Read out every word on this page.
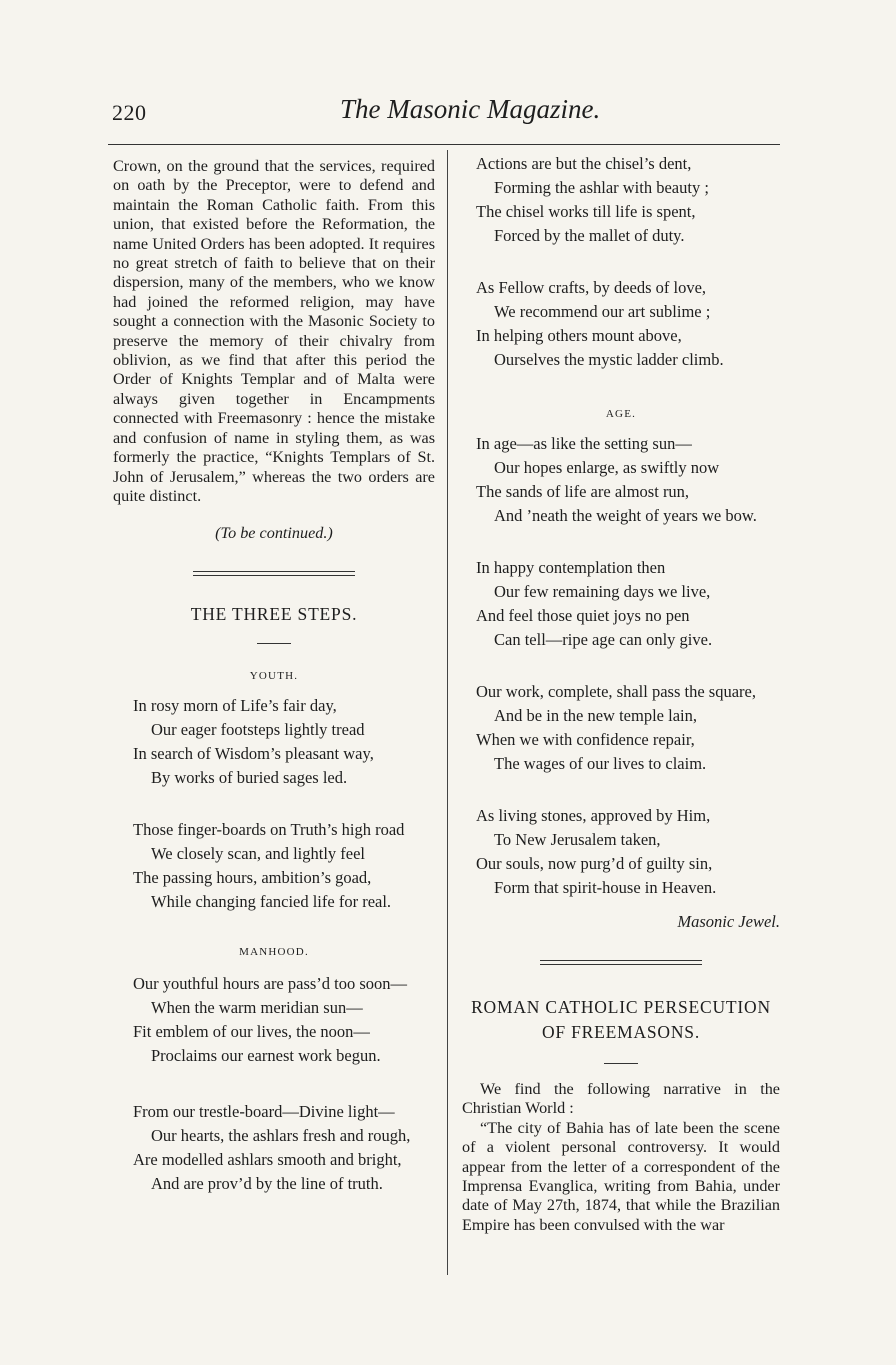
220	The Masonic Magazine.

Crown, on the ground that the services, required on oath by the Preceptor, were to defend and maintain the Roman Catholic faith. From this union, that existed before the Reformation, the name United Orders has been adopted. It requires no great stretch of faith to believe that on their dispersion, many of the members, who we know had joined the reformed religion, may have sought a connection with the Masonic Society to preserve the memory of their chivalry from oblivion, as we find that after this period the Order of Knights Templar and of Malta were always given together in Encampments connected with Freemasonry : hence the mistake and confusion of name in styling them, as was formerly the practice, “Knights Templars of St. John of Jerusalem,” whereas the two orders are quite distinct.

(To be continued.)

THE THREE STEPS.

YOUTH.

In rosy morn of Life’s fair day,
Our eager footsteps lightly tread
In search of Wisdom’s pleasant way,
By works of buried sages led.
Those finger-boards on Truth’s high road
We closely scan, and lightly feel
The passing hours, ambition’s goad,
While changing fancied life for real.

MANHOOD.

Our youthful hours are pass’d too soon—
When the warm meridian sun—
Fit emblem of our lives, the noon—
Proclaims our earnest work begun.
From our trestle-board—Divine light—
Our hearts, the ashlars fresh and rough,
Are modelled ashlars smooth and bright,
And are prov’d by the line of truth.
Actions are but the chisel’s dent,
Forming the ashlar with beauty ;
The chisel works till life is spent,
Forced by the mallet of duty.
As Fellow crafts, by deeds of love,
We recommend our art sublime ;
In helping others mount above,
Ourselves the mystic ladder climb.

AGE.

In age—as like the setting sun—
Our hopes enlarge, as swiftly now
The sands of life are almost run,
And ’neath the weight of years we bow.
In happy contemplation then
Our few remaining days we live,
And feel those quiet joys no pen
Can tell—ripe age can only give.
Our work, complete, shall pass the square,
And be in the new temple lain,
When we with confidence repair,
The wages of our lives to claim.
As living stones, approved by Him,
To New Jerusalem taken,
Our souls, now purg’d of guilty sin,
Form that spirit-house in Heaven.

Masonic Jewel.

ROMAN CATHOLIC PERSECUTION
OF FREEMASONS.

We find the following narrative in the Christian World :

“The city of Bahia has of late been the scene of a violent personal controversy. It would appear from the letter of a correspondent of the Imprensa Evanglica, writing from Bahia, under date of May 27th, 1874, that while the Brazilian Empire has been convulsed with the war
